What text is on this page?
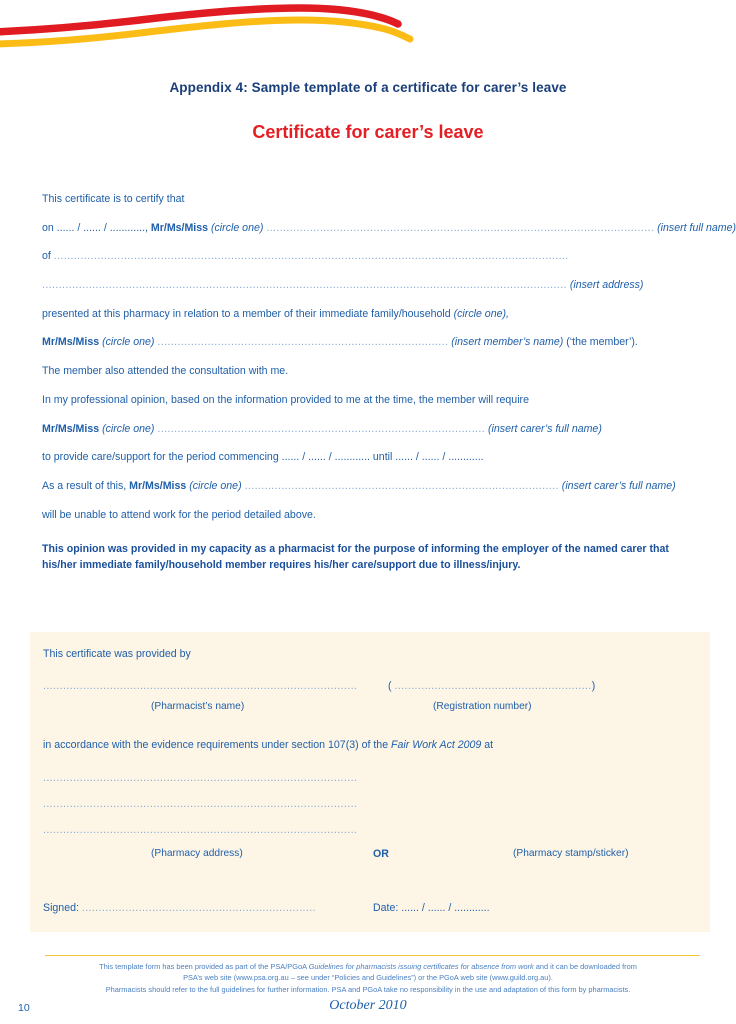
Appendix 4: Sample template of a certificate for carer’s leave
Certificate for carer’s leave
This certificate is to certify that
on ...... / ...... / ............, Mr/Ms/Miss (circle one) .................................................................................................................... (insert full name)
of ..........................................................................................................................................................
............................................................................................................................................................. (insert address)
presented at this pharmacy in relation to a member of their immediate family/household (circle one),
Mr/Ms/Miss (circle one) ....................................................................................... (insert member’s name) (‘the member’).
The member also attended the consultation with me.
In my professional opinion, based on the information provided to me at the time, the member will require
Mr/Ms/Miss (circle one) .................................................................................................. (insert carer’s full name)
to provide care/support for the period commencing ...... / ...... / ............ until ...... / ...... / ............
As a result of this, Mr/Ms/Miss (circle one) .............................................................................................. (insert carer’s full name)
will be unable to attend work for the period detailed above.
This opinion was provided in my capacity as a pharmacist for the purpose of informing the employer of the named carer that his/her immediate family/household member requires his/her care/support due to illness/injury.
This certificate was provided by
..............................................................................................	( ...........................................................)
(Pharmacist’s name)	(Registration number)
in accordance with the evidence requirements under section 107(3) of the Fair Work Act 2009 at
..............................................................................................
..............................................................................................
..............................................................................................
(Pharmacy address)	OR	(Pharmacy stamp/sticker)
Signed: ......................................................................	Date: ...... / ...... / ............
This template form has been provided as part of the PSA/PGoA Guidelines for pharmacists issuing certificates for absence from work and it can be downloaded from
PSA’s web site (www.psa.org.au – see under “Policies and Guidelines”) or the PGoA web site (www.guild.org.au).
Pharmacists should refer to the full guidelines for further information. PSA and PGoA take no responsibility in the use and adaptation of this form by pharmacists.
10	October 2010
